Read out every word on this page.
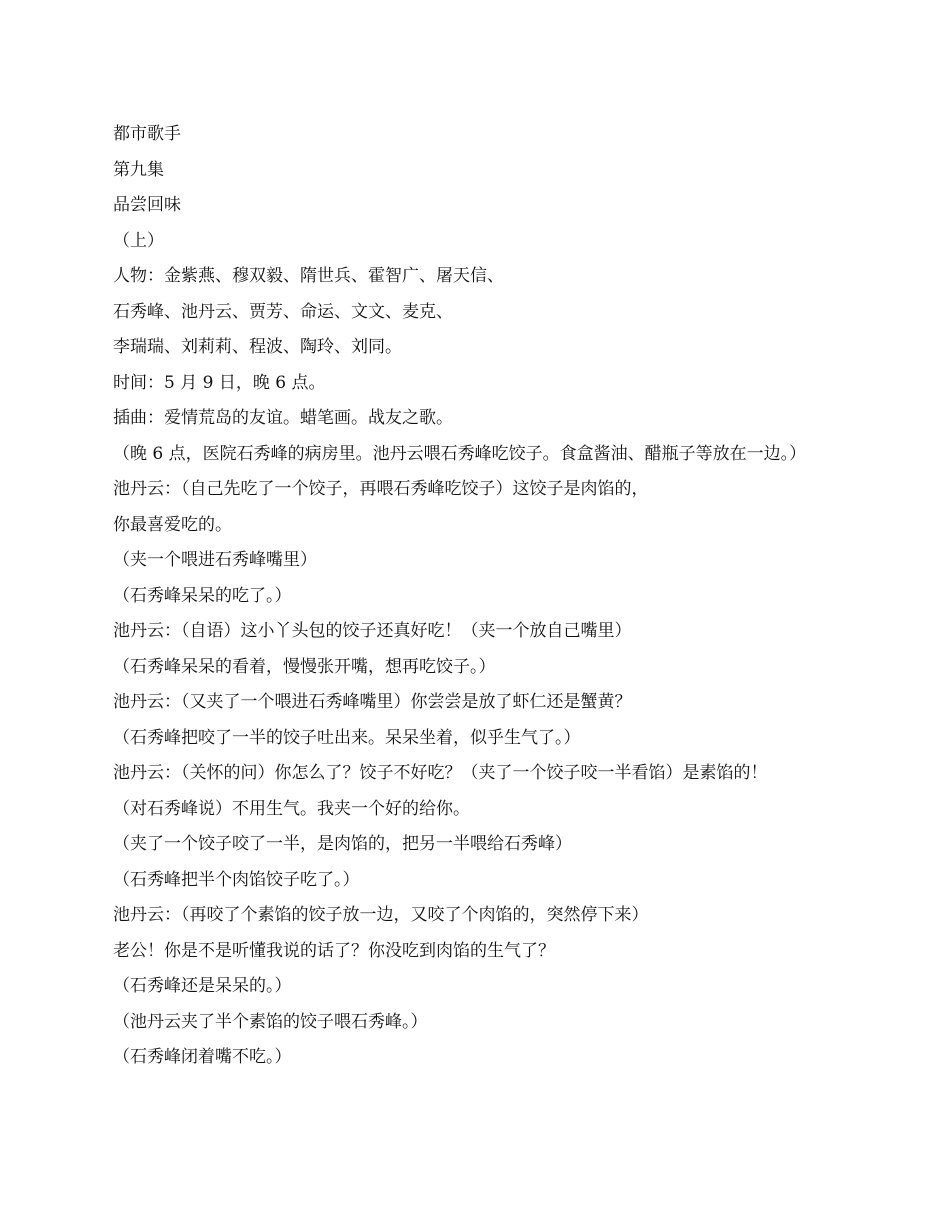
都市歌手

第九集

品尝回味

（上）

人物：金紫燕、穆双毅、隋世兵、霍智广、屠天信、

石秀峰、池丹云、贾芳、命运、文文、麦克、

李瑞瑞、刘莉莉、程波、陶玲、刘同。

时间：5 月 9 日，晚 6 点。

插曲：爱情荒岛的友谊。蜡笔画。战友之歌。

（晚 6 点，医院石秀峰的病房里。池丹云喂石秀峰吃饺子。食盒酱油、醋瓶子等放在一边。）

池丹云：（自己先吃了一个饺子，再喂石秀峰吃饺子）这饺子是肉馅的，

你最喜爱吃的。

（夹一个喂进石秀峰嘴里）

（石秀峰呆呆的吃了。）

池丹云：（自语）这小丫头包的饺子还真好吃！（夹一个放自己嘴里）

（石秀峰呆呆的看着，慢慢张开嘴，想再吃饺子。）

池丹云：（又夹了一个喂进石秀峰嘴里）你尝尝是放了虾仁还是蟹黄？

（石秀峰把咬了一半的饺子吐出来。呆呆坐着，似乎生气了。）

池丹云：（关怀的问）你怎么了？饺子不好吃？（夹了一个饺子咬一半看馅）是素馅的！

（对石秀峰说）不用生气。我夹一个好的给你。

（夹了一个饺子咬了一半，是肉馅的，把另一半喂给石秀峰）

（石秀峰把半个肉馅饺子吃了。）

池丹云：（再咬了个素馅的饺子放一边，又咬了个肉馅的，突然停下来）

老公！你是不是听懂我说的话了？你没吃到肉馅的生气了？

（石秀峰还是呆呆的。）

（池丹云夹了半个素馅的饺子喂石秀峰。）

（石秀峰闭着嘴不吃。）
